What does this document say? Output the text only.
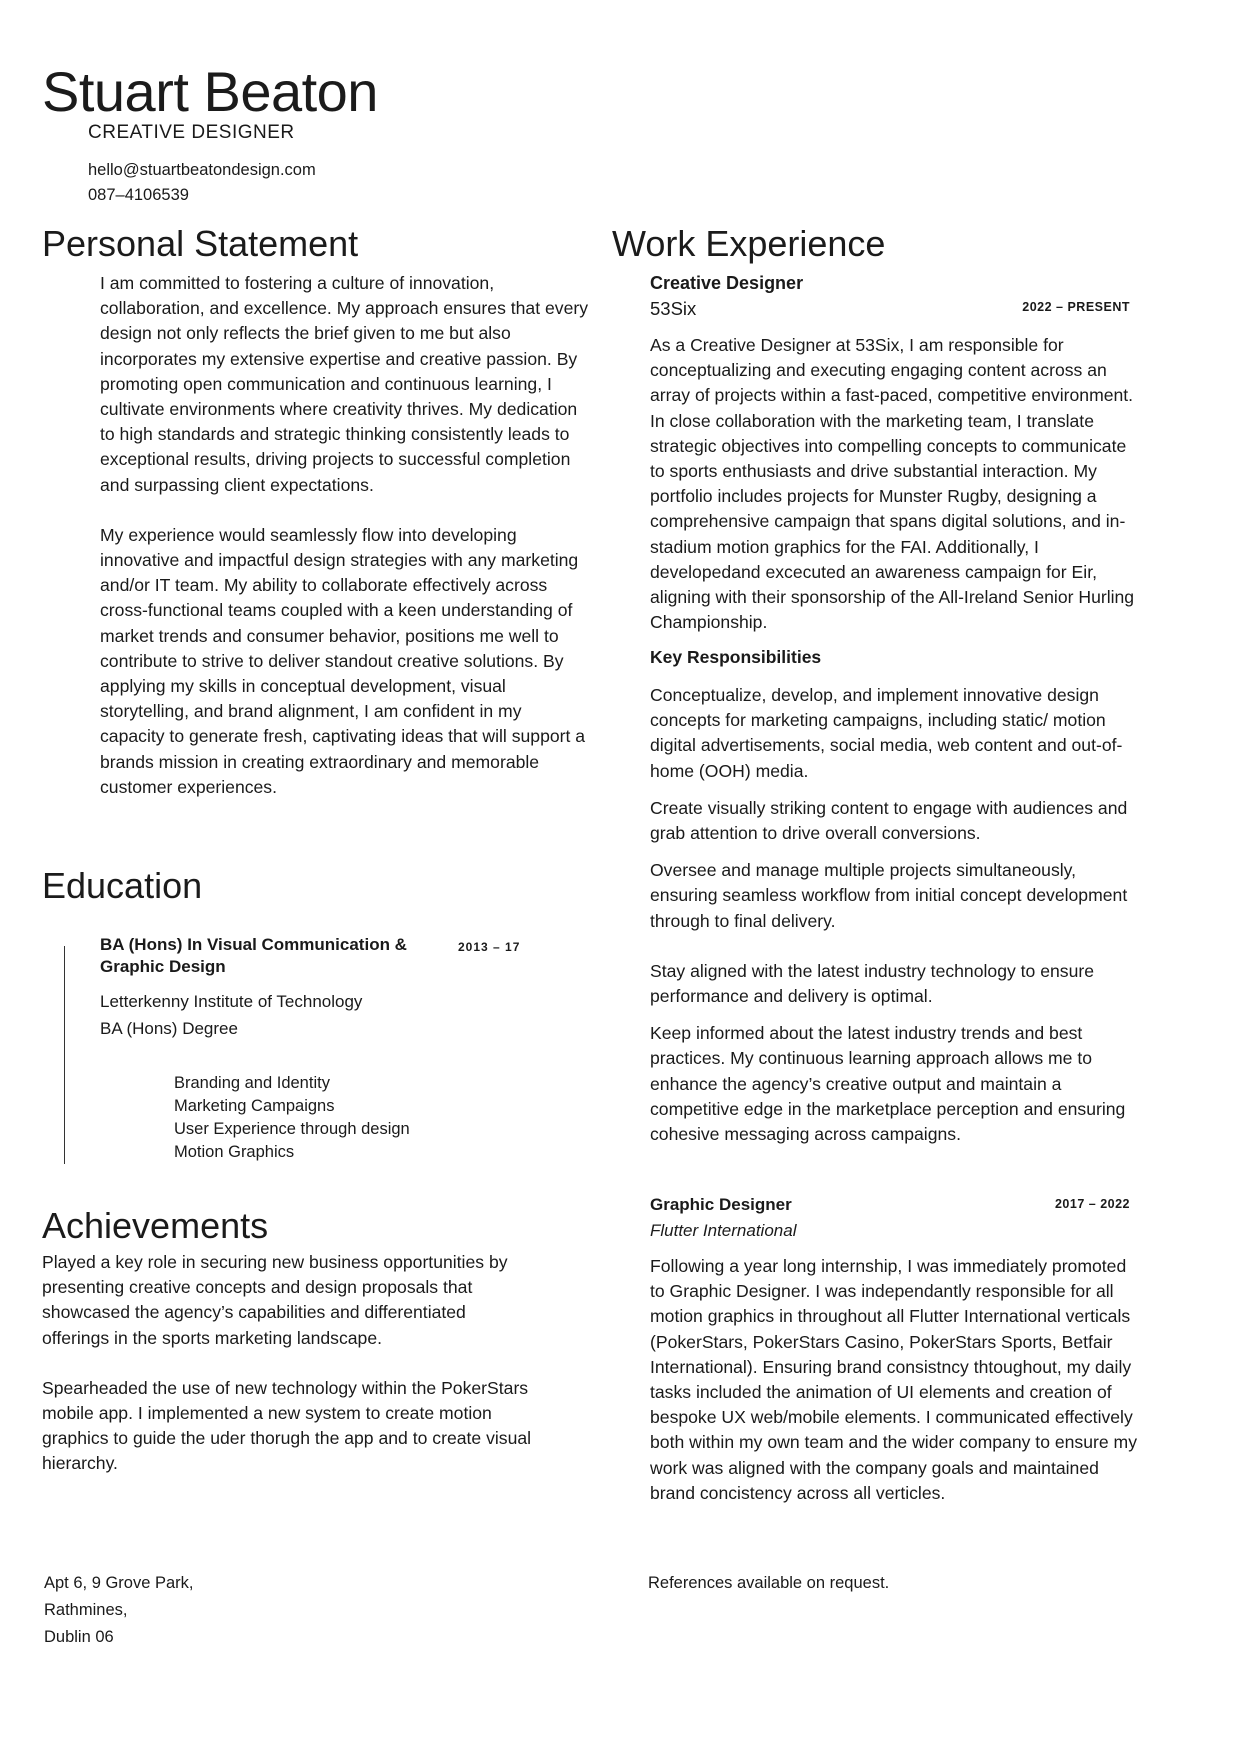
Stuart Beaton
CREATIVE DESIGNER
hello@stuartbeatondesign.com
087–4106539
Personal Statement

I am committed to fostering a culture of innovation, collaboration, and excellence. My approach ensures that every design not only reflects the brief given to me but also incorporates my extensive expertise and creative passion. By promoting open communication and continuous learning, I cultivate environments where creativity thrives. My dedication to high standards and strategic thinking consistently leads to exceptional results, driving projects to successful completion and surpassing client expectations.

My experience would seamlessly flow into developing innovative and impactful design strategies with any marketing and/or IT team. My ability to collaborate effectively across cross-functional teams coupled with a keen understanding of market trends and consumer behavior, positions me well to contribute to strive to deliver standout creative solutions. By applying my skills in conceptual development, visual storytelling, and brand alignment, I am confident in my capacity to generate fresh, captivating ideas that will support a brands mission in creating extraordinary and memorable customer experiences.

Education
BA (Hons) In Visual Communication & Graphic Design
2013 – 17
Letterkenny Institute of Technology
BA (Hons) Degree
Branding and Identity
Marketing Campaigns
User Experience through design
Motion Graphics
Achievements

Played a key role in securing new business opportunities by presenting creative concepts and design proposals that showcased the agency’s capabilities and differentiated offerings in the sports marketing landscape.

Spearheaded the use of new technology within the PokerStars mobile app. I implemented a new system to create motion graphics to guide the uder thorugh the app and to create visual hierarchy.

Work Experience
Creative Designer
53Six	2022 – PRESENT

As a Creative Designer at 53Six, I am responsible for conceptualizing and executing engaging content across an array of projects within a fast-paced, competitive environment. In close collaboration with the marketing team, I translate strategic objectives into compelling concepts to communicate to sports enthusiasts and drive substantial interaction. My portfolio includes projects for Munster Rugby, designing a comprehensive campaign that spans digital solutions, and in-stadium motion graphics for the FAI. Additionally, I developedand excecuted an awareness campaign for Eir, aligning with their sponsorship of the All-Ireland Senior Hurling Championship.

Key Responsibilities

Conceptualize, develop, and implement innovative design concepts for marketing campaigns, including static/ motion digital advertisements, social media, web content and out-of-home (OOH) media.

Create visually striking content to engage with audiences and grab attention to drive overall conversions.

Oversee and manage multiple projects simultaneously, ensuring seamless workflow from initial concept development through to final delivery.

Stay aligned with the latest industry technology to ensure performance and delivery is optimal.

Keep informed about the latest industry trends and best practices. My continuous learning approach allows me to enhance the agency’s creative output and maintain a competitive edge in the marketplace perception and ensuring cohesive messaging across campaigns.

Graphic Designer
Flutter International
2017 – 2022

Following a year long internship, I was immediately promoted to Graphic Designer. I was independantly responsible for all motion graphics in throughout all Flutter International verticals (PokerStars, PokerStars Casino, PokerStars Sports, Betfair International). Ensuring brand consistncy thtoughout, my daily tasks included the animation of UI elements and creation of bespoke UX web/mobile elements. I communicated effectively both within my own team and the wider company to ensure my work was aligned with the company goals and maintained brand concistency across all verticles.

Apt 6, 9 Grove Park,
Rathmines,
Dublin 06
References available on request.
